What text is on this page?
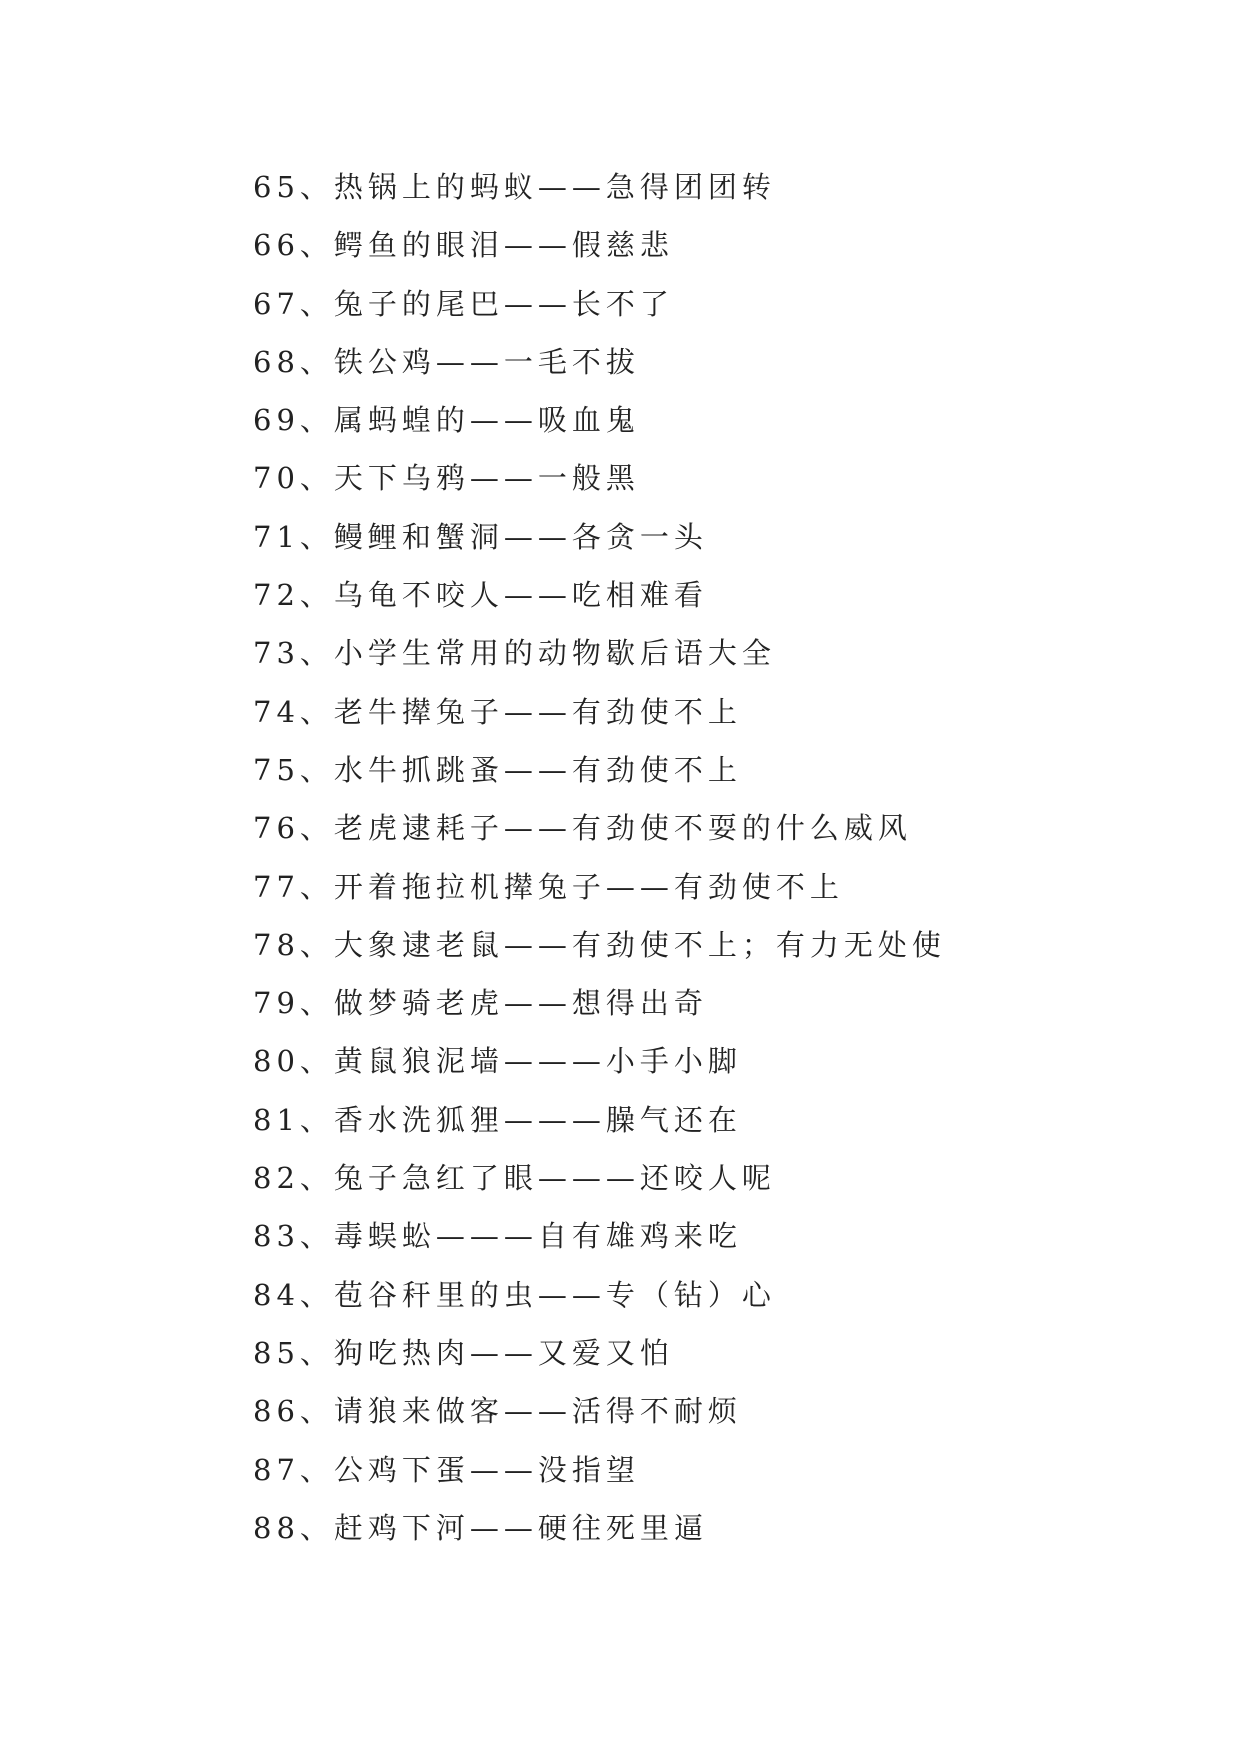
65、热锅上的蚂蚁——急得团团转
66、鳄鱼的眼泪——假慈悲
67、兔子的尾巴——长不了
68、铁公鸡——一毛不拔
69、属蚂蝗的——吸血鬼
70、天下乌鸦——一般黑
71、鳗鲤和蟹洞——各贪一头
72、乌龟不咬人——吃相难看
73、小学生常用的动物歇后语大全
74、老牛撵兔子——有劲使不上
75、水牛抓跳蚤——有劲使不上
76、老虎逮耗子——有劲使不耍的什么威风
77、开着拖拉机撵兔子——有劲使不上
78、大象逮老鼠——有劲使不上；有力无处使
79、做梦骑老虎——想得出奇
80、黄鼠狼泥墙———小手小脚
81、香水洗狐狸———臊气还在
82、兔子急红了眼———还咬人呢
83、毒蜈蚣———自有雄鸡来吃
84、苞谷秆里的虫——专（钻）心
85、狗吃热肉——又爱又怕
86、请狼来做客——活得不耐烦
87、公鸡下蛋——没指望
88、赶鸡下河——硬往死里逼
